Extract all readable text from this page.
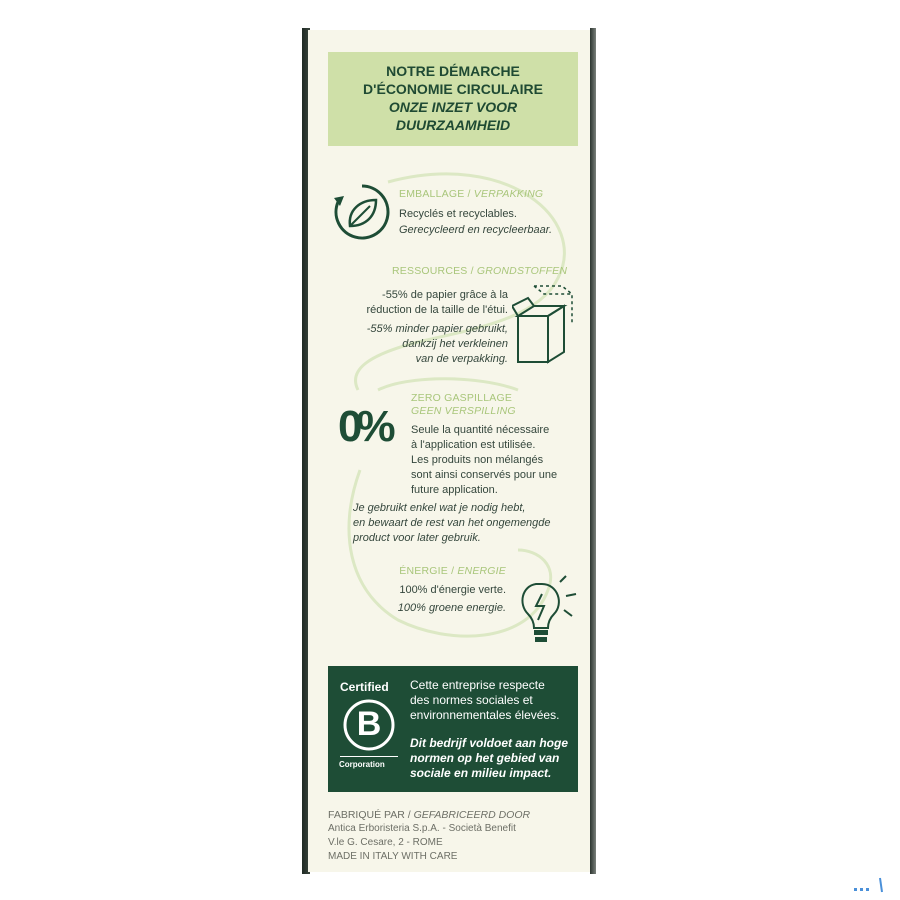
NOTRE DÉMARCHE
D'ÉCONOMIE CIRCULAIRE
ONZE INZET VOOR
DUURZAAMHEID
EMBALLAGE / VERPAKKING
Recyclés et recyclables.
Gerecycleerd en recycleerbaar.
RESSOURCES / GRONDSTOFFEN
-55% de papier grâce à la
réduction de la taille de l'étui.
-55% minder papier gebruikt,
dankzij het verkleinen
van de verpakking.
0%
ZERO GASPILLAGE
GEEN VERSPILLING
Seule la quantité nécessaire
à l'application est utilisée.
Les produits non mélangés
sont ainsi conservés pour une
future application.
Je gebruikt enkel wat je nodig hebt,
en bewaart de rest van het ongemengde
product voor later gebruik.
ÉNERGIE / ENERGIE
100% d'énergie verte.
100% groene energie.
Certified
B
Corporation
Cette entreprise respecte
des normes sociales et
environnementales élevées.
Dit bedrijf voldoet aan hoge
normen op het gebied van
sociale en milieu impact.
FABRIQUÉ PAR / GEFABRICEERD DOOR
Antica Erboristeria S.p.A. - Società Benefit
V.le G. Cesare, 2 - ROME
MADE IN ITALY WITH CARE
